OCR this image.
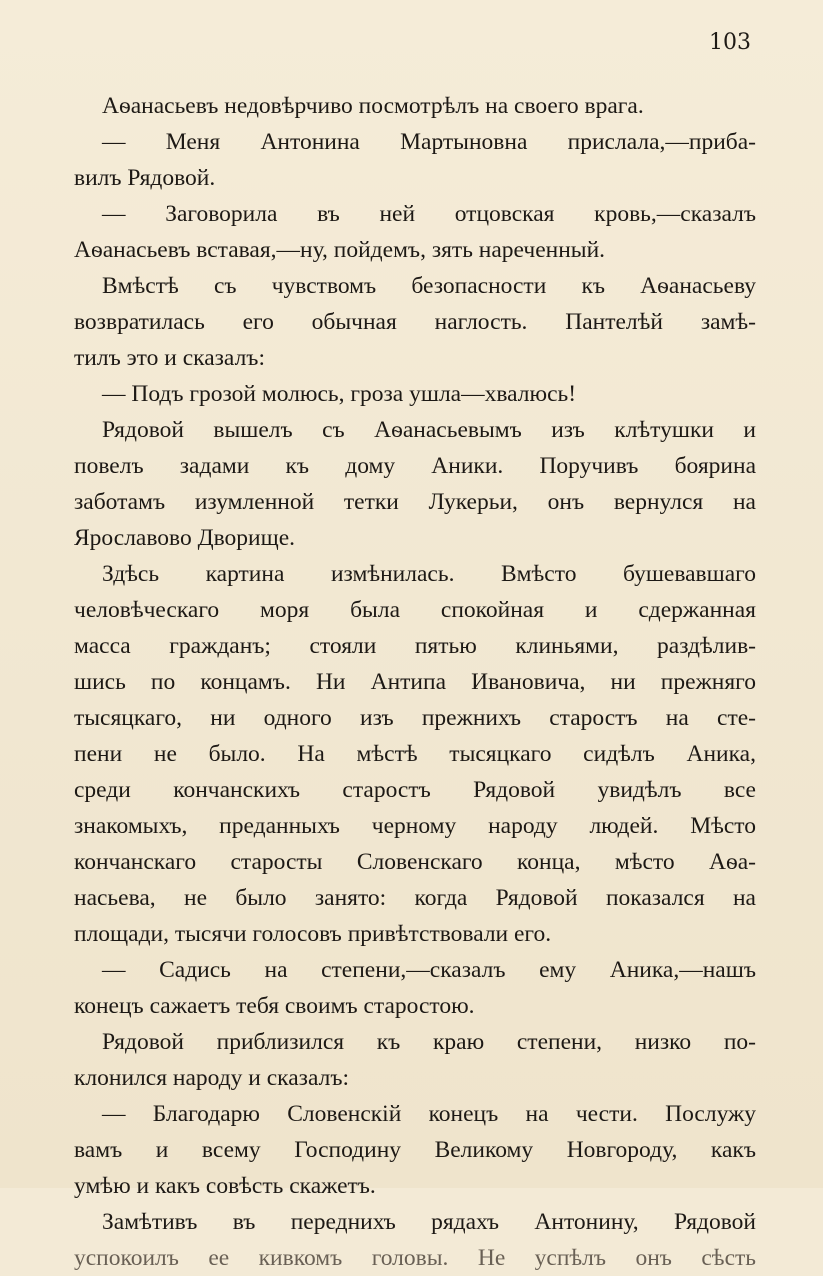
103
Аѳанасьевъ недовѣрчиво посмотрѣлъ на своего врага.
— Меня Антонина Мартыновна прислала,—приба-
вилъ Рядовой.
— Заговорила въ ней отцовская кровь,—сказалъ
Аѳанасьевъ вставая,—ну, пойдемъ, зять нареченный.
Вмѣстѣ съ чувствомъ безопасности къ Аѳанасьеву
возвратилась его обычная наглость. Пантелѣй замѣ-
тилъ это и сказалъ:
— Подъ грозой молюсь, гроза ушла—хвалюсь!
Рядовой вышелъ съ Аѳанасьевымъ изъ клѣтушки и
повелъ задами къ дому Аники. Поручивъ боярина
заботамъ изумленной тетки Лукерьи, онъ вернулся на
Ярославово Дворище.
Здѣсь картина измѣнилась. Вмѣсто бушевавшаго
человѣческаго моря была спокойная и сдержанная
масса гражданъ; стояли пятью клиньями, раздѣлив-
шись по концамъ. Ни Антипа Ивановича, ни прежняго
тысяцкаго, ни одного изъ прежнихъ старостъ на сте-
пени не было. На мѣстѣ тысяцкаго сидѣлъ Аника,
среди кончанскихъ старостъ Рядовой увидѣлъ все
знакомыхъ, преданныхъ черному народу людей. Мѣсто
кончанскаго старосты Словенскаго конца, мѣсто Аѳа-
насьева, не было занято: когда Рядовой показался на
площади, тысячи голосовъ привѣтствовали его.
— Садись на степени,—сказалъ ему Аника,—нашъ
конецъ сажаетъ тебя своимъ старостою.
Рядовой приблизился къ краю степени, низко по-
клонился народу и сказалъ:
— Благодарю Словенскій конецъ на чести. Послужу
вамъ и всему Господину Великому Новгороду, какъ
умѣю и какъ совѣсть скажетъ.
Замѣтивъ въ переднихъ рядахъ Антонину, Рядовой
успокоилъ ее кивкомъ головы. Не успѣлъ онъ сѣсть
